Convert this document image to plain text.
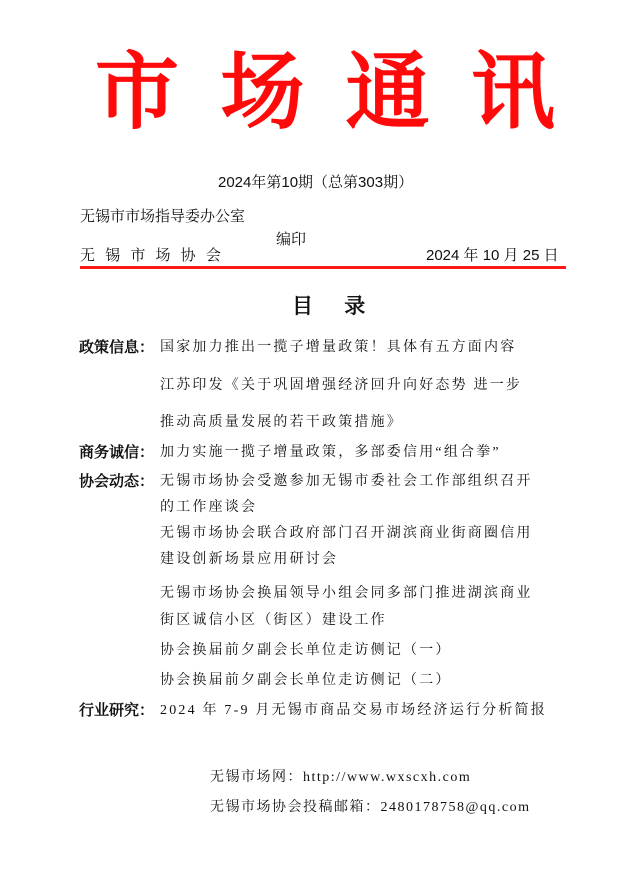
市 场 通 讯
2024年第10期（总第303期）
无锡市市场指导委办公室
编印
无 锡 市 场 协 会	2024 年 10 月 25 日
目 录
政策信息： 国家加力推出一揽子增量政策！具体有五方面内容
江苏印发《关于巩固增强经济回升向好态势 进一步
推动高质量发展的若干政策措施》
商务诚信： 加力实施一揽子增量政策，多部委信用“组合拳”
协会动态： 无锡市场协会受邀参加无锡市委社会工作部组织召开
的工作座谈会
无锡市场协会联合政府部门召开湖滨商业街商圈信用
建设创新场景应用研讨会
无锡市场协会换届领导小组会同多部门推进湖滨商业
街区诚信小区（街区）建设工作
协会换届前夕副会长单位走访侧记（一）
协会换届前夕副会长单位走访侧记（二）
行业研究： 2024 年 7-9 月无锡市商品交易市场经济运行分析简报
无锡市场网：http://www.wxscxh.com
无锡市场协会投稿邮箱：2480178758@qq.com
